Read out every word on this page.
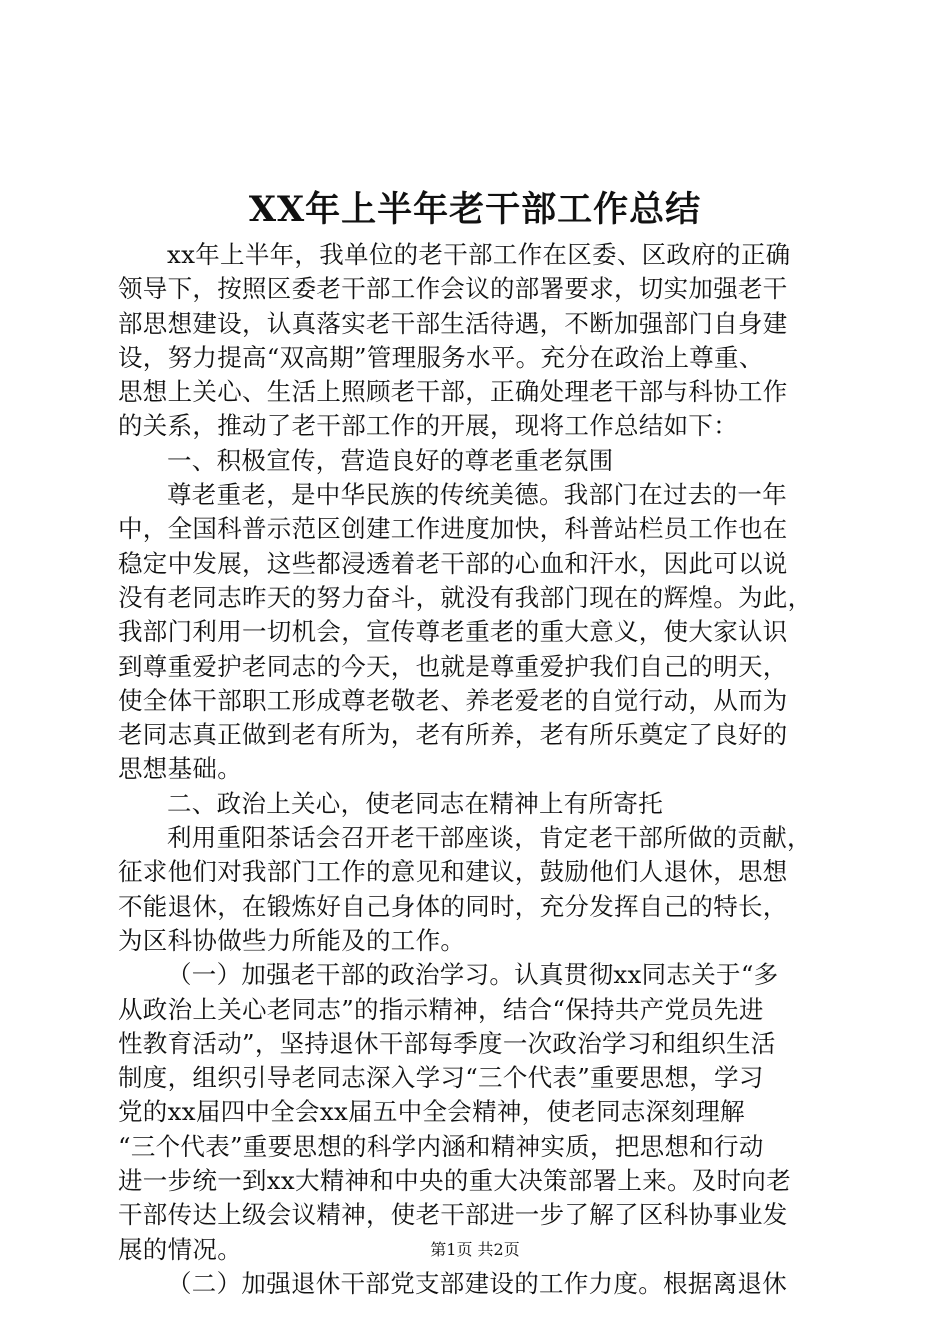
XX年上半年老干部工作总结
xx年上半年，我单位的老干部工作在区委、区政府的正确
领导下，按照区委老干部工作会议的部署要求，切实加强老干
部思想建设，认真落实老干部生活待遇，不断加强部门自身建
设，努力提高“双高期”管理服务水平。充分在政治上尊重、
思想上关心、生活上照顾老干部，正确处理老干部与科协工作
的关系，推动了老干部工作的开展，现将工作总结如下：
一、积极宣传，营造良好的尊老重老氛围
尊老重老，是中华民族的传统美德。我部门在过去的一年
中，全国科普示范区创建工作进度加快，科普站栏员工作也在
稳定中发展，这些都浸透着老干部的心血和汗水，因此可以说
没有老同志昨天的努力奋斗，就没有我部门现在的辉煌。为此，
我部门利用一切机会，宣传尊老重老的重大意义，使大家认识
到尊重爱护老同志的今天，也就是尊重爱护我们自己的明天，
使全体干部职工形成尊老敬老、养老爱老的自觉行动，从而为
老同志真正做到老有所为，老有所养，老有所乐奠定了良好的
思想基础。
二、政治上关心，使老同志在精神上有所寄托
利用重阳茶话会召开老干部座谈，肯定老干部所做的贡献，
征求他们对我部门工作的意见和建议，鼓励他们人退休，思想
不能退休，在锻炼好自己身体的同时，充分发挥自己的特长，
为区科协做些力所能及的工作。
（一）加强老干部的政治学习。认真贯彻xx同志关于“多
从政治上关心老同志”的指示精神，结合“保持共产党员先进
性教育活动”，坚持退休干部每季度一次政治学习和组织生活
制度，组织引导老同志深入学习“三个代表”重要思想，学习
党的xx届四中全会xx届五中全会精神，使老同志深刻理解
“三个代表”重要思想的科学内涵和精神实质，把思想和行动
进一步统一到xx大精神和中央的重大决策部署上来。及时向老
干部传达上级会议精神，使老干部进一步了解了区科协事业发
展的情况。
（二）加强退休干部党支部建设的工作力度。根据离退休
第1页 共2页
